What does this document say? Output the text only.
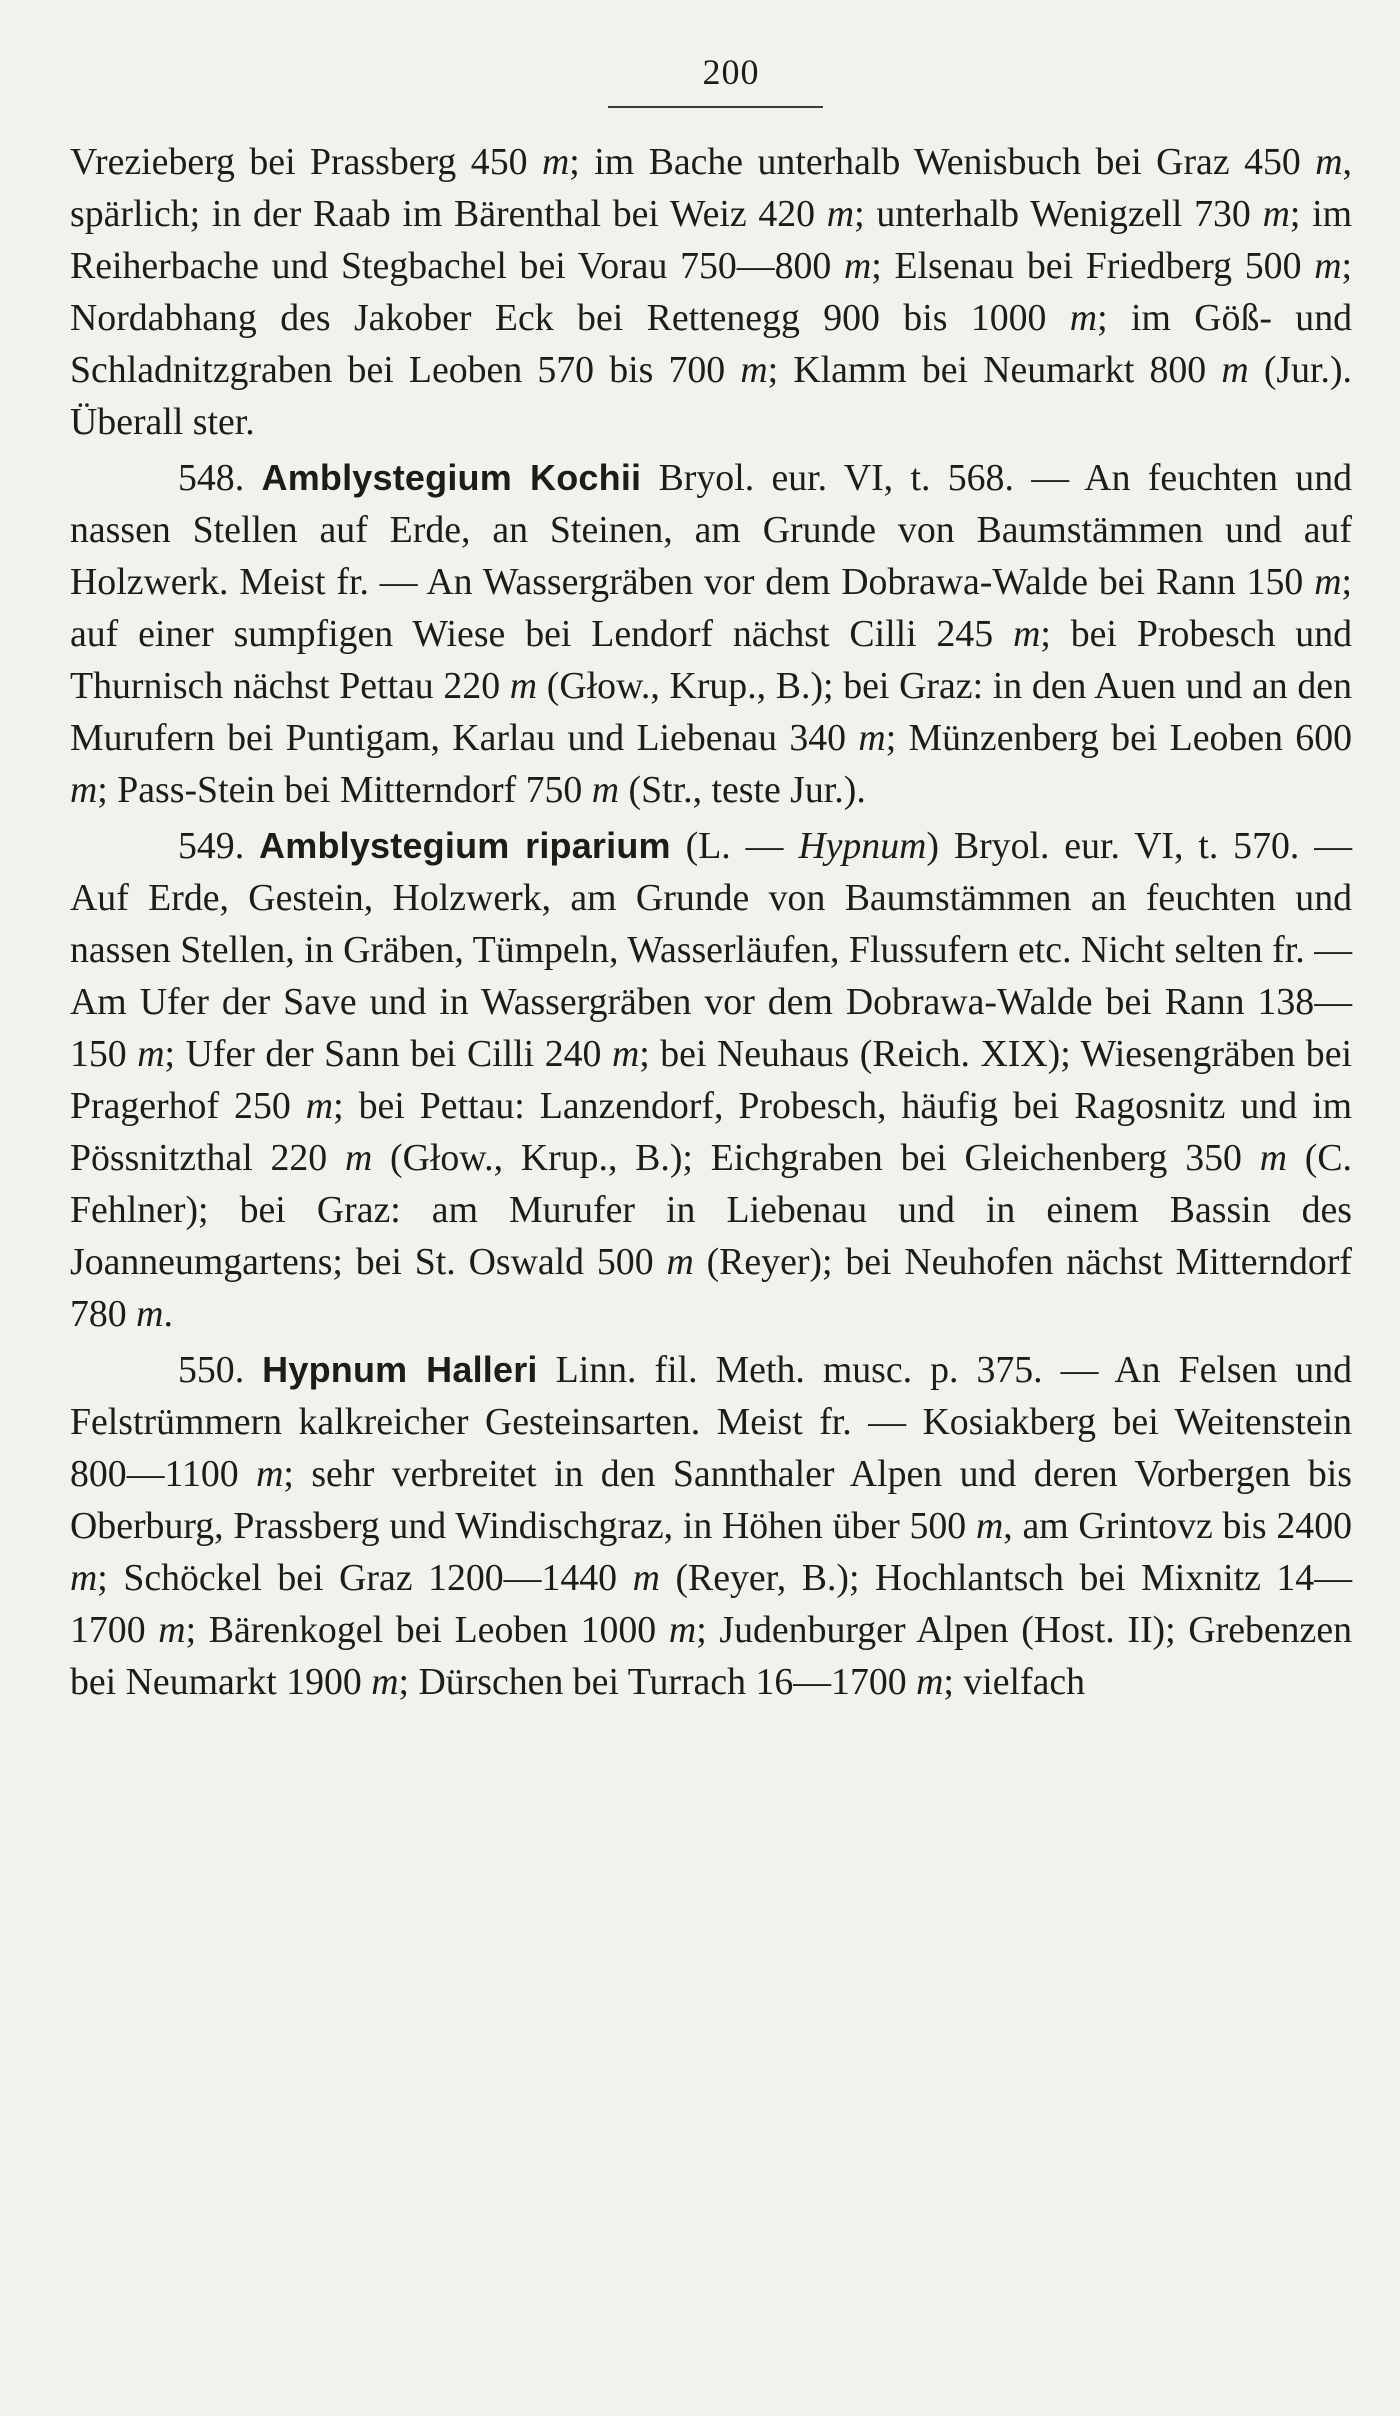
200

Vrezieberg bei Prassberg 450 m; im Bache unterhalb Wenisbuch bei Graz 450 m, spärlich; in der Raab im Bärenthal bei Weiz 420 m; unterhalb Wenigzell 730 m; im Reiherbache und Stegbachel bei Vorau 750—800 m; Elsenau bei Friedberg 500 m; Nordabhang des Jakober Eck bei Rettenegg 900 bis 1000 m; im Göß- und Schladnitzgraben bei Leoben 570 bis 700 m; Klamm bei Neumarkt 800 m (Jur.). Überall ster.

548. Amblystegium Kochii Bryol. eur. VI, t. 568. — An feuchten und nassen Stellen auf Erde, an Steinen, am Grunde von Baumstämmen und auf Holzwerk. Meist fr. — An Wassergräben vor dem Dobrawa-Walde bei Rann 150 m; auf einer sumpfigen Wiese bei Lendorf nächst Cilli 245 m; bei Probesch und Thurnisch nächst Pettau 220 m (Głow., Krup., B.); bei Graz: in den Auen und an den Murufern bei Puntigam, Karlau und Liebenau 340 m; Münzenberg bei Leoben 600 m; Pass-Stein bei Mitterndorf 750 m (Str., teste Jur.).

549. Amblystegium riparium (L. — Hypnum) Bryol. eur. VI, t. 570. — Auf Erde, Gestein, Holzwerk, am Grunde von Baumstämmen an feuchten und nassen Stellen, in Gräben, Tümpeln, Wasserläufen, Flussufern etc. Nicht selten fr. — Am Ufer der Save und in Wassergräben vor dem Dobrawa-Walde bei Rann 138—150 m; Ufer der Sann bei Cilli 240 m; bei Neuhaus (Reich. XIX); Wiesengräben bei Pragerhof 250 m; bei Pettau: Lanzendorf, Probesch, häufig bei Ragosnitz und im Pössnitzthal 220 m (Głow., Krup., B.); Eichgraben bei Gleichenberg 350 m (C. Fehlner); bei Graz: am Murufer in Liebenau und in einem Bassin des Joanneumgartens; bei St. Oswald 500 m (Reyer); bei Neuhofen nächst Mitterndorf 780 m.

550. Hypnum Halleri Linn. fil. Meth. musc. p. 375. — An Felsen und Felstrümmern kalkreicher Gesteinsarten. Meist fr. — Kosiakberg bei Weitenstein 800—1100 m; sehr verbreitet in den Sannthaler Alpen und deren Vorbergen bis Oberburg, Prassberg und Windischgraz, in Höhen über 500 m, am Grintovz bis 2400 m; Schöckel bei Graz 1200—1440 m (Reyer, B.); Hochlantsch bei Mixnitz 14—1700 m; Bärenkogel bei Leoben 1000 m; Judenburger Alpen (Host. II); Grebenzen bei Neumarkt 1900 m; Dürschen bei Turrach 16—1700 m; vielfach
